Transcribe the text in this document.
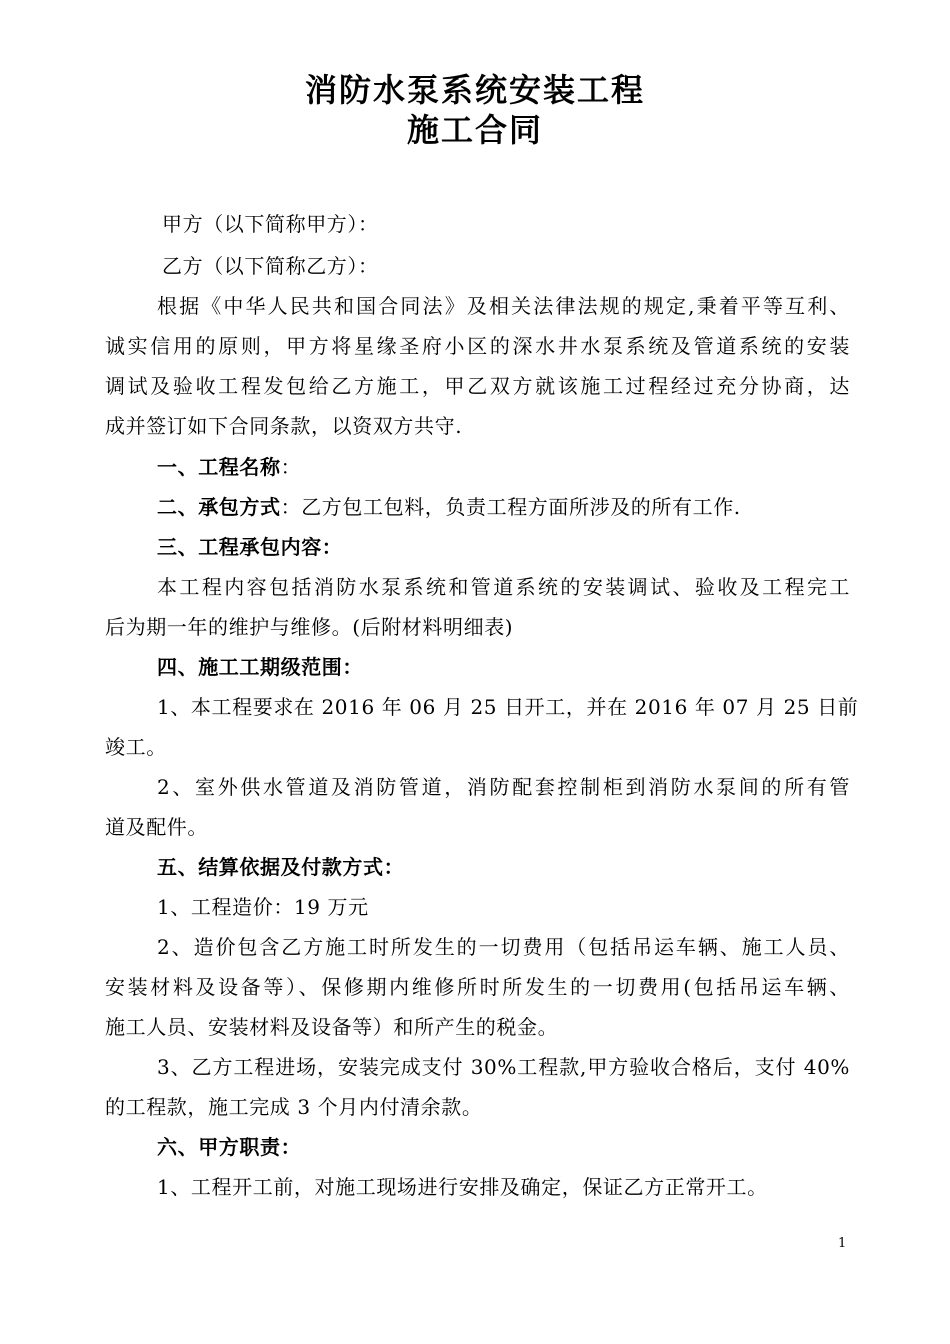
消防水泵系统安装工程
施工合同
甲方（以下简称甲方）：
乙方（以下简称乙方）：
根据《中华人民共和国合同法》及相关法律法规的规定,秉着平等互利、
诚实信用的原则，甲方将星缘圣府小区的深水井水泵系统及管道系统的安装
调试及验收工程发包给乙方施工，甲乙双方就该施工过程经过充分协商，达
成并签订如下合同条款，以资双方共守.
一、工程名称：
二、承包方式：乙方包工包料，负责工程方面所涉及的所有工作.
三、工程承包内容：
本工程内容包括消防水泵系统和管道系统的安装调试、验收及工程完工
后为期一年的维护与维修。(后附材料明细表)
四、施工工期级范围：
1、本工程要求在 2016 年 06 月 25 日开工，并在 2016 年 07 月 25 日前
竣工。
2、室外供水管道及消防管道，消防配套控制柜到消防水泵间的所有管
道及配件。
五、结算依据及付款方式：
1、工程造价：19 万元
2、造价包含乙方施工时所发生的一切费用（包括吊运车辆、施工人员、
安装材料及设备等）、保修期内维修所时所发生的一切费用(包括吊运车辆、
施工人员、安装材料及设备等）和所产生的税金。
3、乙方工程进场，安装完成支付 30%工程款,甲方验收合格后，支付 40%
的工程款，施工完成 3 个月内付清余款。
六、甲方职责：
1、工程开工前，对施工现场进行安排及确定，保证乙方正常开工。
1
